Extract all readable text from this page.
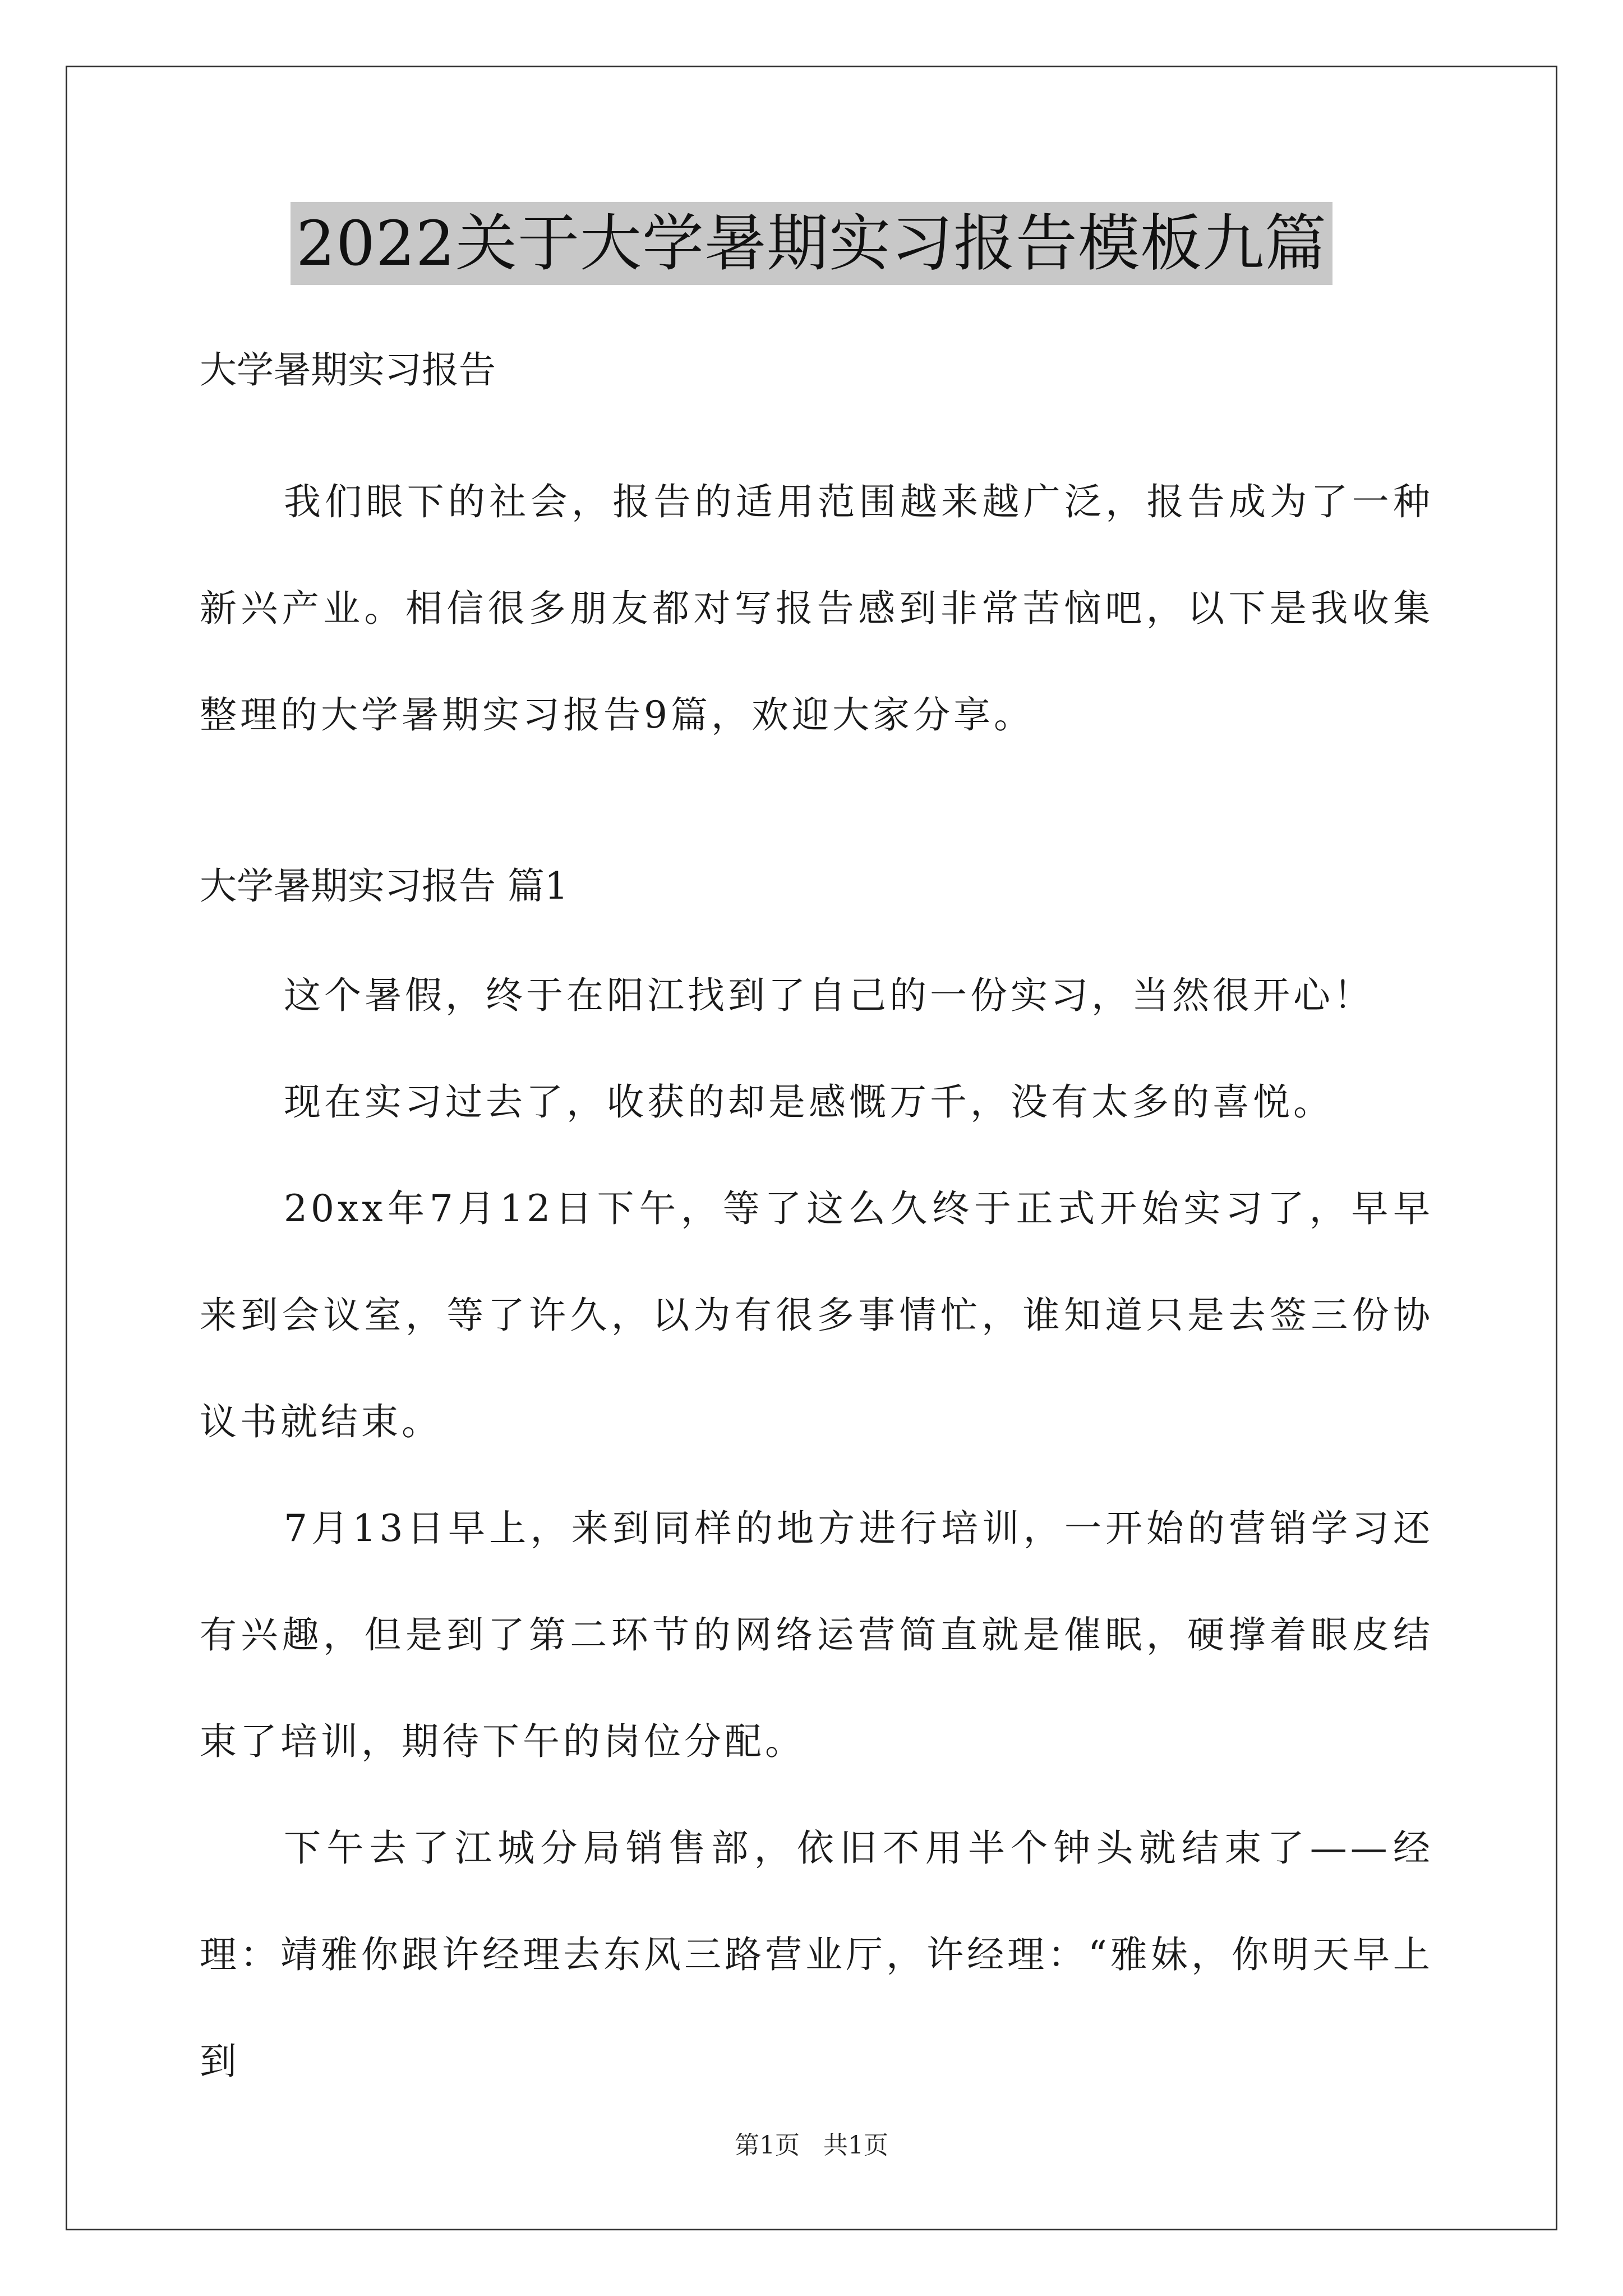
2022关于大学暑期实习报告模板九篇

大学暑期实习报告

我们眼下的社会，报告的适用范围越来越广泛，报告成为了一种新兴产业。相信很多朋友都对写报告感到非常苦恼吧，以下是我收集整理的大学暑期实习报告9篇，欢迎大家分享。

大学暑期实习报告 篇1

这个暑假，终于在阳江找到了自己的一份实习，当然很开心！

现在实习过去了，收获的却是感慨万千，没有太多的喜悦。

20xx年7月12日下午，等了这么久终于正式开始实习了，早早来到会议室，等了许久，以为有很多事情忙，谁知道只是去签三份协议书就结束。

7月13日早上，来到同样的地方进行培训，一开始的营销学习还有兴趣，但是到了第二环节的网络运营简直就是催眠，硬撑着眼皮结束了培训，期待下午的岗位分配。

下午去了江城分局销售部，依旧不用半个钟头就结束了——经理：靖雅你跟许经理去东风三路营业厅，许经理：“雅妹，你明天早上到

第1页   共1页
